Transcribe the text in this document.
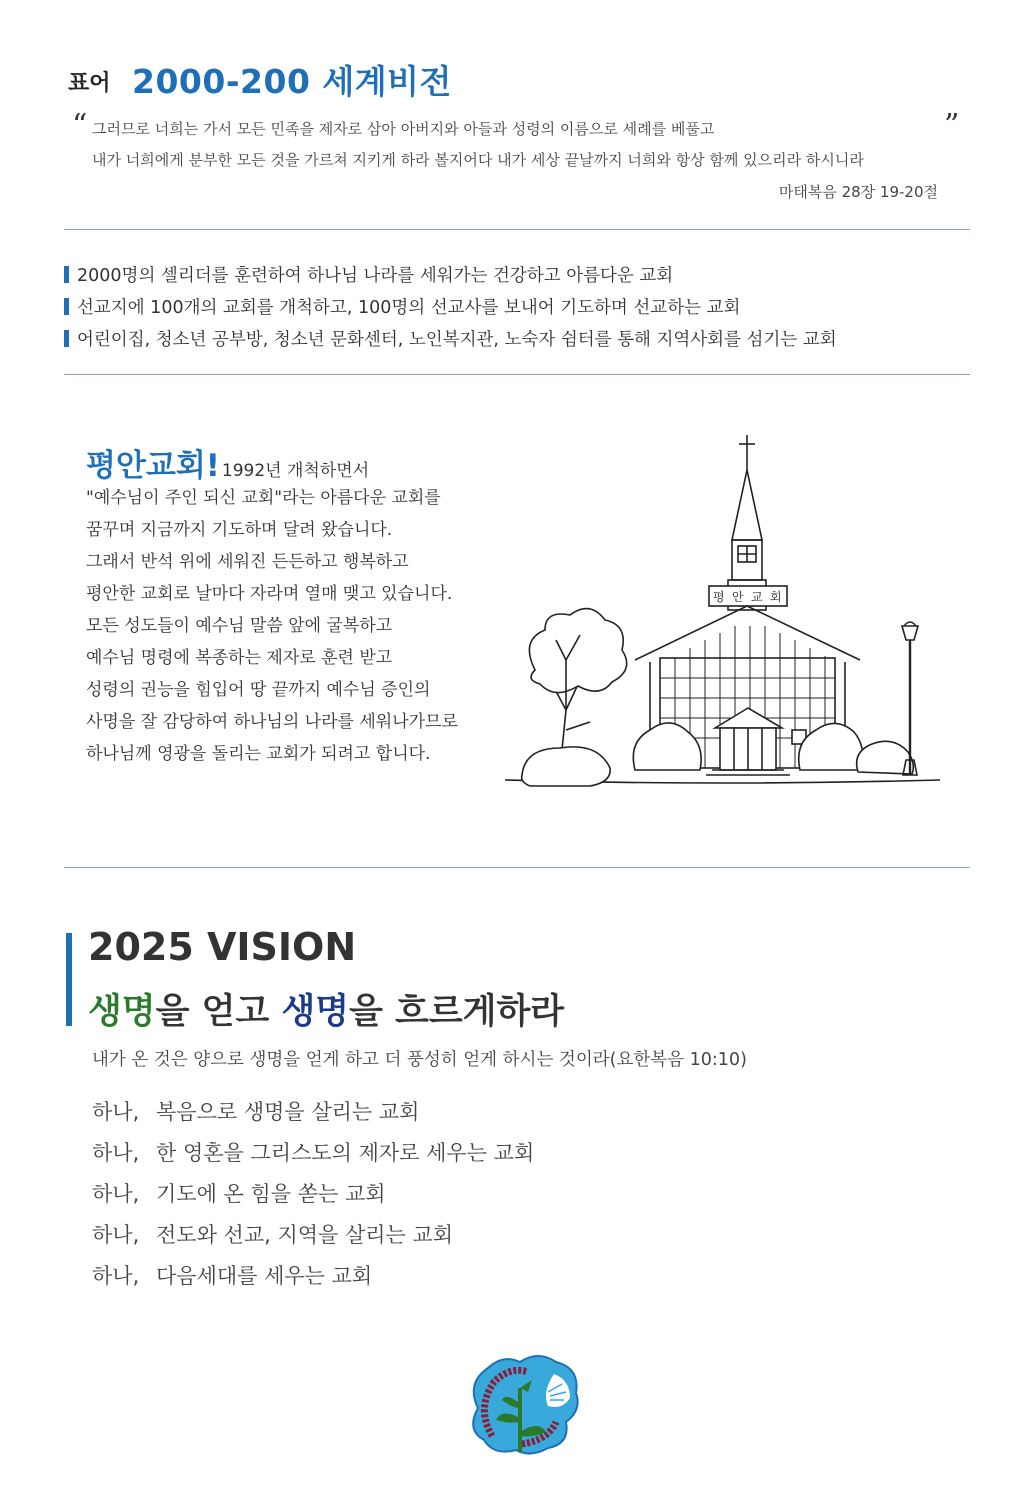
표어 2000-200 세계비전
“	”
그러므로 너희는 가서 모든 민족을 제자로 삼아 아버지와 아들과 성령의 이름으로 세례를 베풀고
내가 너희에게 분부한 모든 것을 가르쳐 지키게 하라 볼지어다 내가 세상 끝날까지 너희와 항상 함께 있으리라 하시니라
마태복음 28장 19-20절
2000명의 셀리더를 훈련하여 하나님 나라를 세워가는 건강하고 아름다운 교회
선교지에 100개의 교회를 개척하고, 100명의 선교사를 보내어 기도하며 선교하는 교회
어린이집, 청소년 공부방, 청소년 문화센터, 노인복지관, 노숙자 쉼터를 통해 지역사회를 섬기는 교회
평안교회! 1992년 개척하면서
"예수님이 주인 되신 교회"라는 아름다운 교회를
꿈꾸며 지금까지 기도하며 달려 왔습니다.
그래서 반석 위에 세워진 든든하고 행복하고
평안한 교회로 날마다 자라며 열매 맺고 있습니다.
모든 성도들이 예수님 말씀 앞에 굴복하고
예수님 명령에 복종하는 제자로 훈련 받고
성령의 권능을 힘입어 땅 끝까지 예수님 증인의
사명을 잘 감당하여 하나님의 나라를 세워나가므로
하나님께 영광을 돌리는 교회가 되려고 합니다.
평 안 교 회
2025 VISION
생명을 얻고 생명을 흐르게하라
내가 온 것은 양으로 생명을 얻게 하고 더 풍성히 얻게 하시는 것이라(요한복음 10:10)
하나, 복음으로 생명을 살리는 교회
하나, 한 영혼을 그리스도의 제자로 세우는 교회
하나, 기도에 온 힘을 쏟는 교회
하나, 전도와 선교, 지역을 살리는 교회
하나, 다음세대를 세우는 교회
